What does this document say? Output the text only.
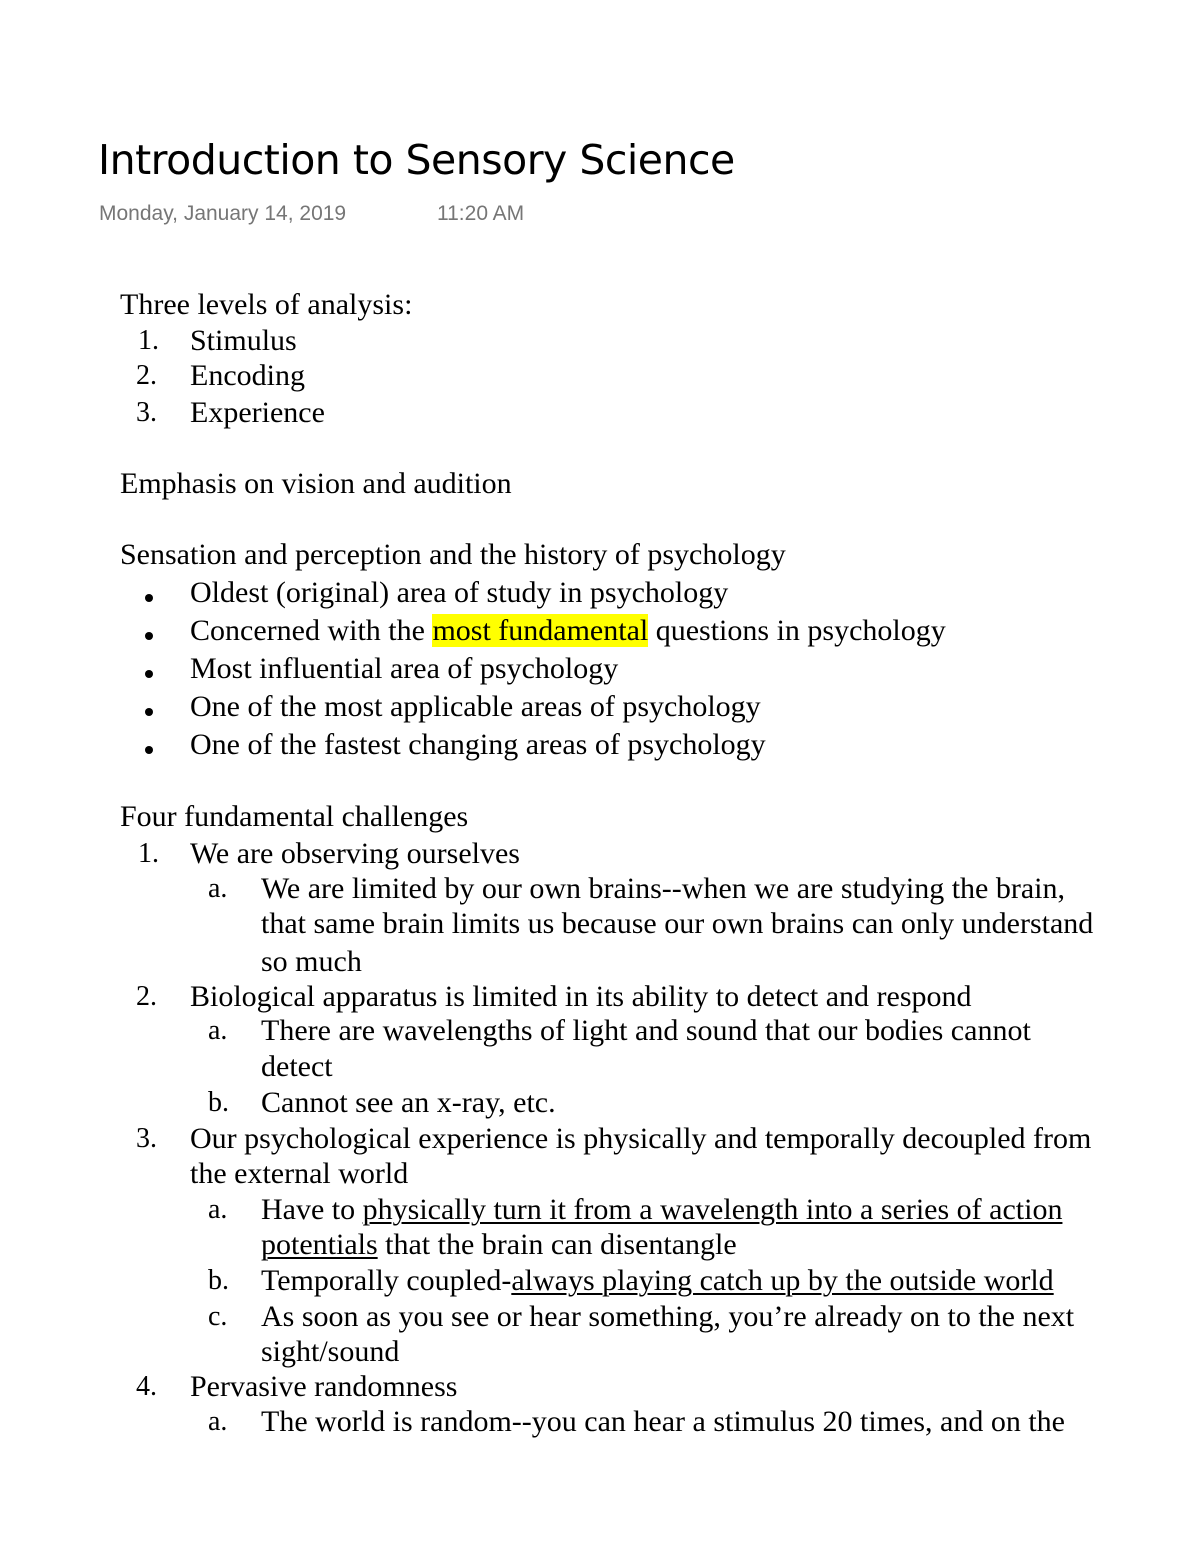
Introduction to Sensory Science
Monday, January 14, 2019	11:20 AM
Three levels of analysis:
1. Stimulus
2. Encoding
3. Experience
Emphasis on vision and audition
Sensation and perception and the history of psychology
Oldest (original) area of study in psychology
Concerned with the most fundamental questions in psychology
Most influential area of psychology
One of the most applicable areas of psychology
One of the fastest changing areas of psychology
Four fundamental challenges
1. We are observing ourselves
a. We are limited by our own brains--when we are studying the brain,
that same brain limits us because our own brains can only understand
so much
2. Biological apparatus is limited in its ability to detect and respond
a. There are wavelengths of light and sound that our bodies cannot
detect
b. Cannot see an x-ray, etc.
3. Our psychological experience is physically and temporally decoupled from
the external world
a. Have to physically turn it from a wavelength into a series of action
potentials that the brain can disentangle
b. Temporally coupled-always playing catch up by the outside world
c. As soon as you see or hear something, you’re already on to the next
sight/sound
4. Pervasive randomness
a. The world is random--you can hear a stimulus 20 times, and on the
